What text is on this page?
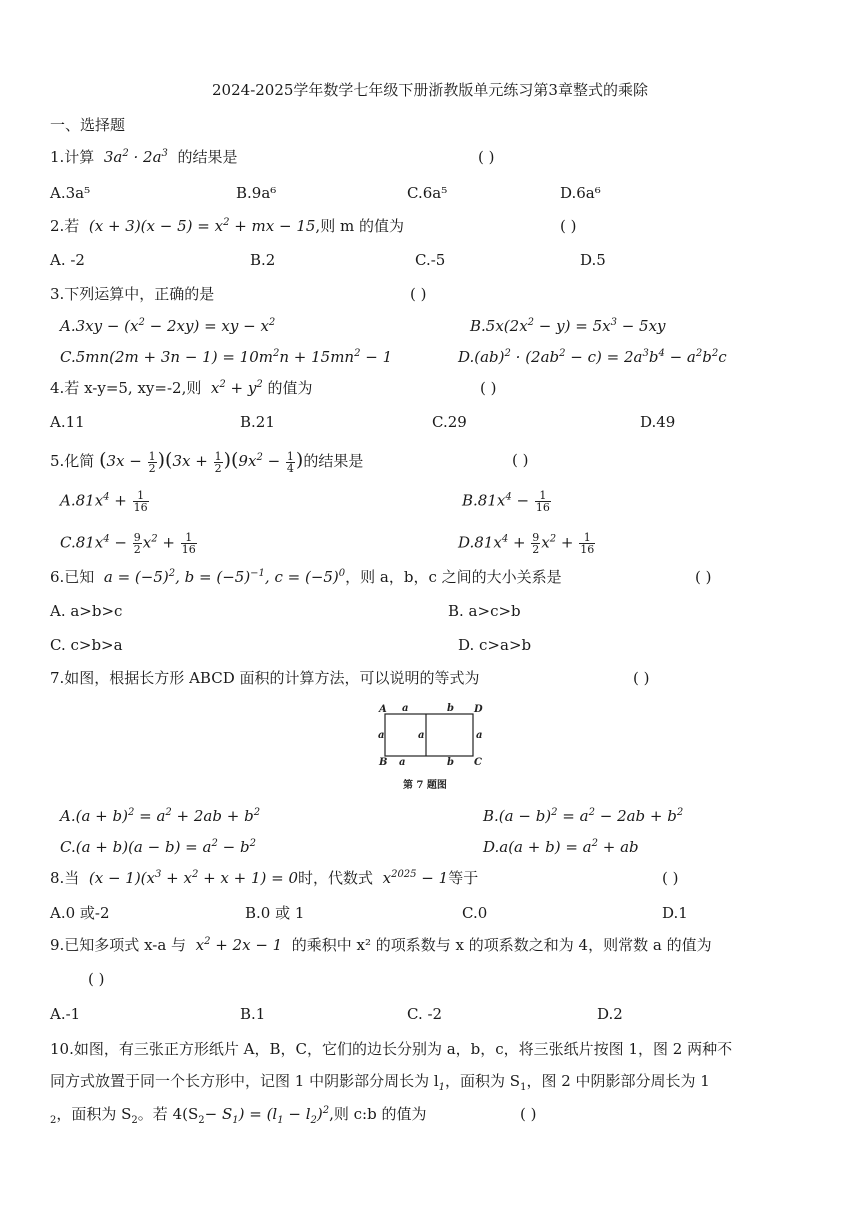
2024-2025学年数学七年级下册浙教版单元练习第3章整式的乘除
一、选择题
1.计算  $3a^2 \cdot 2a^3$ 的结果是	( )
A.3a⁵	B.9a⁶	C.6a⁵	D.6a⁶
2.若  $(x + 3)(x - 5) = x^2$ + mx − 15,则 m 的值为	( )
A. -2	B.2	C.-5	D.5
3.下列运算中，正确的是	( )
$A.3xy - (x^2 - 2xy)$ = xy − $x^2$	$B.5x(2x^2 - y) = 5x^3 - 5xy$
$C.5mn(2m + 3n - 1) = 10m^2n + 15mn^2 - 1$	$D.(ab)^2 \cdot (2ab^2 - c) = 2a^3b^4 - a^2b^2c$
4.若 x-y=5, xy=-2,则  $x^2 + y^2$ 的值为	( )
A.11	B.21	C.29	D.49
5.化简 $(3x - \frac{1}{2} )(3x + \frac{1}{2} )(9x^2 - \frac{1}{4}$ )的结果是	( )
$A.81x^4 + \frac{1}{16}$	$B.81x^4 - \frac{1}{16}$
$C.81x^4 - \frac{9}{2} x^2 + \frac{1}{16}$	$D.81x^4 + \frac{9}{2} x^2 + \frac{1}{16}$
6.已知  $a = (-5)^2$, $b = (-5)^{-1}$, $c = (-5)^0$，则 a，b，c 之间的大小关系是	( )
A. a>b>c	B. a>c>b
C. c>b>a	D. c>a>b
7.如图，根据长方形 ABCD 面积的计算方法，可以说明的等式为	( )
A	D
B	C
a	b
a	a	a
a	b
第 7 题图
$A.(a + b)^2 = a^2 + 2ab + b^2$	$B.(a - b)^2 = a^2 - 2ab + b^2$
$C.(a + b)(a - b) = a^2 - b^2$	$D.a(a + b) = a^2$ + ab
8.当  $(x - 1)(x^3 + x^2 + x + 1) = 0$时，代数式  $x^{2025} - 1$等于	( )
A.0 或-2	B.0 或 1	C.0	D.1
9.已知多项式 x-a 与  $x^2 + 2x - 1$  的乘积中 x² 的项系数与 x 的项系数之和为 4，则常数 a 的值为
( )
A.-1	B.1	C. -2	D.2
10.如图，有三张正方形纸片 A，B，C，它们的边长分别为 a，b，c，将三张纸片按图 1，图 2 两种不
同方式放置于同一个长方形中，记图 1 中阴影部分周长为 $l_1$，面积为 $S_1$，图 2 中阴影部分周长为 1
$_2$，面积为 $S_2$。若 $4(S_2- S_1) = (l_1 - l_2)^2$,则 c:b 的值为	( )
